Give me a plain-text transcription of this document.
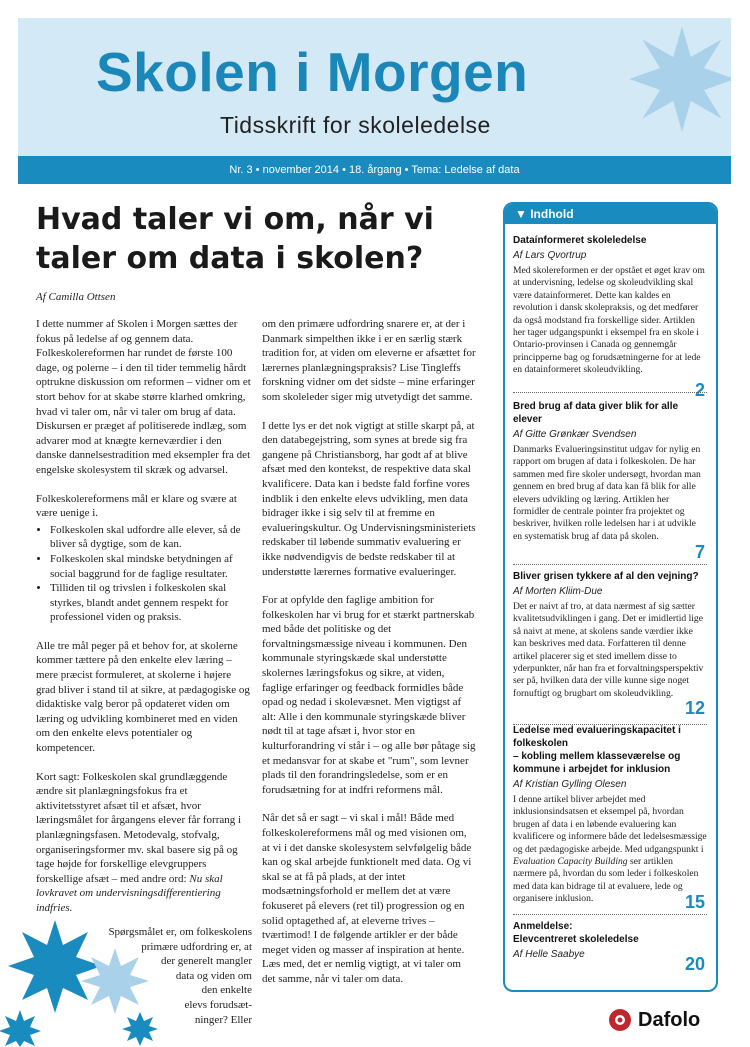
Skolen i Morgen
Tidsskrift for skoleledelse
Nr. 3 • november 2014 • 18. årgang • Tema: Ledelse af data
Hvad taler vi om, når vi taler om data i skolen?
Af Camilla Ottsen

I dette nummer af Skolen i Morgen sættes der fokus på ledelse af og gennem data. Folkeskolereformen har rundet de første 100 dage, og polerne – i den til tider temmelig hårdt optrukne diskussion om reformen – vidner om et stort behov for at skabe større klarhed omkring, hvad vi taler om, når vi taler om brug af data. Diskursen er præget af politiserede indlæg, som advarer mod at knægte kerneværdier i den danske dannelsestradition med eksempler fra det engelske skolesystem til skræk og advarsel.

Folkeskolereformens mål er klare og svære at være uenige i.

• Folkeskolen skal udfordre alle elever, så de bliver så dygtige, som de kan.
• Folkeskolen skal mindske betydningen af social baggrund for de faglige resultater.
• Tilliden til og trivslen i folkeskolen skal styrkes, blandt andet gennem respekt for professionel viden og praksis.

Alle tre mål peger på et behov for, at skolerne kommer tættere på den enkelte elev læring – mere præcist formuleret, at skolerne i højere grad bliver i stand til at sikre, at pædagogiske og didaktiske valg beror på opdateret viden om læring og udvikling kombineret med en viden om den enkelte elevs potentialer og kompetencer.

Kort sagt: Folkeskolen skal grundlæggende ændre sit planlægningsfokus fra et aktivitetsstyret afsæt til et afsæt, hvor læringsmålet for årgangens elever får forrang i planlægningsfasen. Metodevalg, stofvalg, organiseringsformer mv. skal basere sig på og tage højde for forskellige elevgruppers forskellige afsæt – med andre ord: Nu skal lovkravet om undervisningsdifferentiering indfries.

Spørgsmålet er, om folkeskolens
primære udfordring er, at
der generelt mangler
data og viden om
den enkelte
elevs forudsæt-
ninger? Eller

om den primære udfordring snarere er, at der i Danmark simpelthen ikke i er en særlig stærk tradition for, at viden om eleverne er afsættet for lærernes planlægningspraksis? Lise Tingleffs forskning vidner om det sidste – mine erfaringer som skoleleder siger mig utvetydigt det samme.

I dette lys er det nok vigtigt at stille skarpt på, at den databegejstring, som synes at brede sig fra gangene på Christiansborg, har godt af at blive afsæt med den kontekst, de respektive data skal kvalificere. Data kan i bedste fald forfine vores indblik i den enkelte elevs udvikling, men data bidrager ikke i sig selv til at fremme en evalueringskultur. Og Undervisningsministeriets redskaber til løbende summativ evaluering er ikke nødvendigvis de bedste redskaber til at understøtte lærernes formative evalueringer.

For at opfylde den faglige ambition for folkeskolen har vi brug for et stærkt partnerskab med både det politiske og det forvaltningsmæssige niveau i kommunen. Den kommunale styringskæde skal understøtte skolernes læringsfokus og sikre, at viden, faglige erfaringer og feedback formidles både opad og nedad i skolevæsnet. Men vigtigst af alt: Alle i den kommunale styringskæde bliver nødt til at tage afsæt i, hvor stor en kulturforandring vi står i – og alle bør påtage sig et medansvar for at skabe et "rum", som levner plads til den forandringsledelse, som er en forudsætning for at indfri reformens mål.

Når det så er sagt – vi skal i mål! Både med folkeskolereformens mål og med visionen om, at vi i det danske skolesystem selvfølgelig både kan og skal arbejde funktionelt med data. Og vi skal se at få på plads, at der intet modsætningsforhold er mellem det at være fokuseret på elevers (ret til) progression og en solid optagethed af, at eleverne trives – tværtimod! I de følgende artikler er der både meget viden og masser af inspiration at hente. Læs med, det er nemlig vigtigt, at vi taler om det samme, når vi taler om data.

▼ Indhold
Dataínformeret skoleledelse
Af Lars Qvortrup
Med skolereformen er der opstået et øget krav om at undervisning, ledelse og skoleudvikling skal være datainformeret. Dette kan kaldes en revolution i dansk skolepraksis, og det medfører da også modstand fra forskellige sider. Artiklen her tager udgangspunkt i eksempel fra en skole i Ontario-provinsen i Canada og gennemgår principperne bag og forudsætningerne for at lede en datainformeret skoleudvikling.
2
Bred brug af data giver blik for alle elever
Af Gitte Grønkær Svendsen
Danmarks Evalueringsinstitut udgav for nylig en rapport om brugen af data i folkeskolen. De har sammen med fire skoler undersøgt, hvordan man gennem en bred brug af data kan få blik for alle elevers udvikling og læring. Artiklen her formidler de centrale pointer fra projektet og beskriver, hvilken rolle ledelsen har i at udvikle en systematisk brug af data på skolen.
7
Bliver grisen tykkere af al den vejning?
Af Morten Kliim-Due
Det er naivt af tro, at data nærmest af sig sætter kvalitetsudviklingen i gang. Det er imidlertid lige så naivt at mene, at skolens sande værdier ikke kan beskrives med data. Forfatteren til denne artikel placerer sig et sted imellem disse to yderpunkter, når han fra et forvaltningsperspektiv ser på, hvilken data der ville kunne sige noget fornuftigt og brugbart om skoleudvikling.
12
Ledelse med evalueringskapacitet i folkeskolen
– kobling mellem klasseværelse og kommune i arbejdet for inklusion
Af Kristian Gylling Olesen
I denne artikel bliver arbejdet med inklusionsindsatsen et eksempel på, hvordan brugen af data i en løbende evaluering kan kvalificere og informere både det ledelsesmæssige og det pædagogiske arbejde. Med udgangspunkt i Evaluation Capacity Building ser artiklen nærmere på, hvordan du som leder i folkeskolen med data kan bidrage til at evaluere, lede og organisere inklusion.	15
Anmeldelse:
Elevcentreret skoleledelse
Af Helle Saabye	20
Dafolo
